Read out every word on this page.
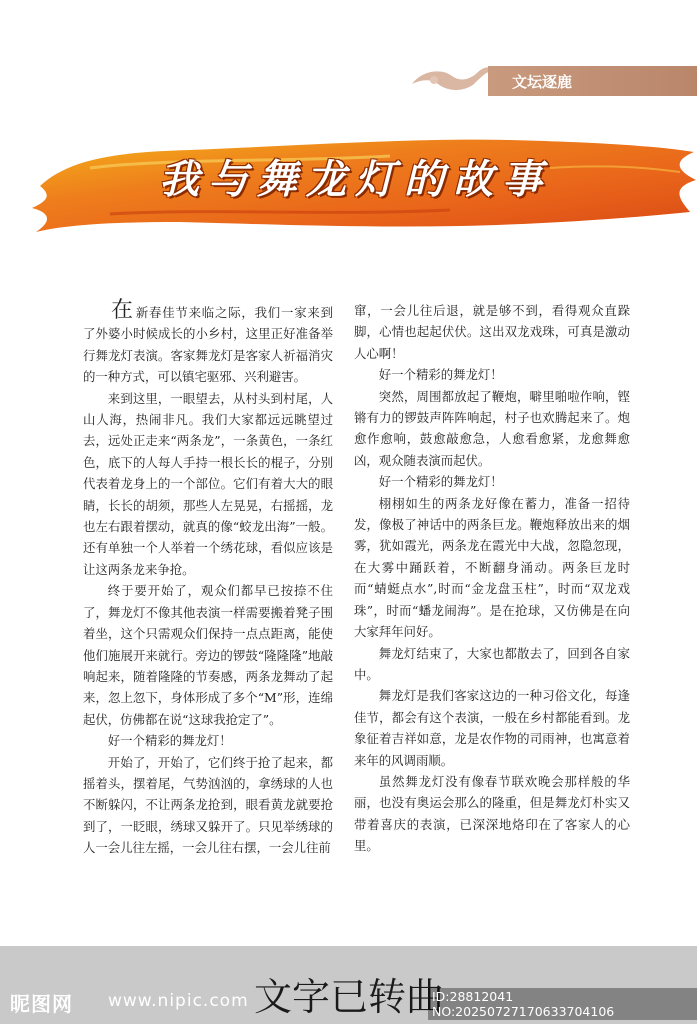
文坛逐鹿
我与舞龙灯的故事

在新春佳节来临之际，我们一家来到了外婆小时候成长的小乡村，这里正好准备举行舞龙灯表演。客家舞龙灯是客家人祈福消灾的一种方式，可以镇宅驱邪、兴利避害。

来到这里，一眼望去，从村头到村尾，人山人海，热闹非凡。我们大家都远远眺望过去，远处正走来“两条龙”，一条黄色，一条红色，底下的人每人手持一根长长的棍子，分别代表着龙身上的一个部位。它们有着大大的眼睛，长长的胡须，那些人左晃晃，右摇摇，龙也左右跟着摆动，就真的像“蛟龙出海”一般。还有单独一个人举着一个绣花球，看似应该是让这两条龙来争抢。

终于要开始了，观众们都早已按捺不住了，舞龙灯不像其他表演一样需要搬着凳子围着坐，这个只需观众们保持一点点距离，能使他们施展开来就行。旁边的锣鼓“隆隆隆”地敲响起来，随着隆隆的节奏感，两条龙舞动了起来，忽上忽下，身体形成了多个“M”形，连绵起伏，仿佛都在说“这球我抢定了”。

好一个精彩的舞龙灯！

开始了，开始了，它们终于抢了起来，都摇着头，摆着尾，气势汹汹的，拿绣球的人也不断躲闪，不让两条龙抢到，眼看黄龙就要抢到了，一眨眼，绣球又躲开了。只见举绣球的人一会儿往左摇，一会儿往右摆，一会儿往前

窜，一会儿往后退，就是够不到，看得观众直跺脚，心情也起起伏伏。这出双龙戏珠，可真是激动人心啊！

好一个精彩的舞龙灯！

突然，周围都放起了鞭炮，噼里啪啦作响，铿锵有力的锣鼓声阵阵响起，村子也欢腾起来了。炮愈作愈响，鼓愈敲愈急，人愈看愈紧，龙愈舞愈凶，观众随表演而起伏。

好一个精彩的舞龙灯！

栩栩如生的两条龙好像在蓄力，准备一招待发，像极了神话中的两条巨龙。鞭炮释放出来的烟雾，犹如霞光，两条龙在霞光中大战，忽隐忽现，在大雾中踊跃着，不断翻身涌动。两条巨龙时而“蜻蜓点水”,时而“金龙盘玉柱”，时而“双龙戏珠”，时而“蟠龙闹海”。是在抢球，又仿佛是在向大家拜年问好。

舞龙灯结束了，大家也都散去了，回到各自家中。

舞龙灯是我们客家这边的一种习俗文化，每逢佳节，都会有这个表演，一般在乡村都能看到。龙象征着吉祥如意，龙是农作物的司雨神，也寓意着来年的风调雨顺。

虽然舞龙灯没有像春节联欢晚会那样般的华丽，也没有奥运会那么的隆重，但是舞龙灯朴实又带着喜庆的表演，已深深地烙印在了客家人的心里。

昵图网 www.nipic.com 文字已转曲
ID:28812041 NO:20250727170633704106
